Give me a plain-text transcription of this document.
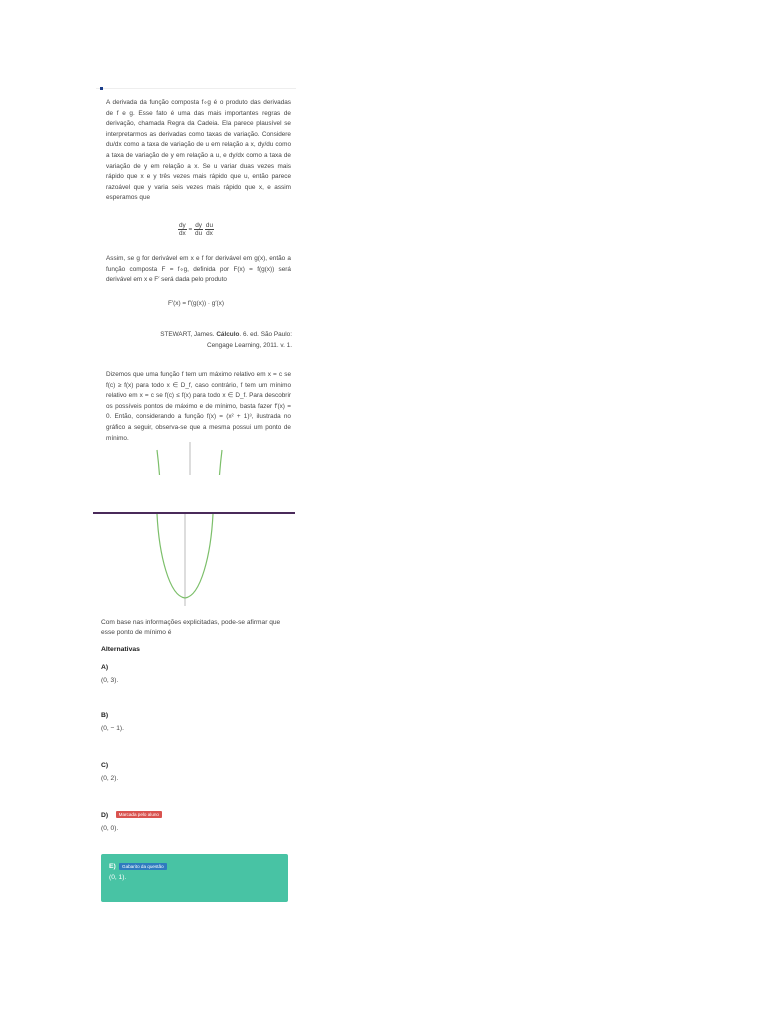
A derivada da função composta f∘g é o produto das derivadas de f e g. Esse fato é uma das mais importantes regras de derivação, chamada Regra da Cadeia. Ela parece plausível se interpretarmos as derivadas como taxas de variação. Considere du/dx como a taxa de variação de u em relação a x, dy/du como a taxa de variação de y em relação a u, e dy/dx como a taxa de variação de y em relação a x. Se u variar duas vezes mais rápido que x e y três vezes mais rápido que u, então parece razoável que y varia seis vezes mais rápido que x, e assim esperamos que

$\frac{dy}{dx} = \frac{dy}{du}$
$\frac{du}{dx}$

Assim, se g for derivável em x e f for derivável em g(x), então a função composta F = f∘g, definida por F(x) = f(g(x)) será derivável em x e F′ será dada pelo produto

F′(x) = f′(g(x)) · g′(x)
STEWART, James. Cálculo. 6. ed. São Paulo: Cengage Learning, 2011. v. 1.

Dizemos que uma função f tem um máximo relativo em x = c se f(c) ≥ f(x) para todo x ∈ D_f, caso contrário, f tem um mínimo relativo em x = c se f(c) ≤ f(x) para todo x ∈ D_f. Para descobrir os possíveis pontos de máximo e de mínimo, basta fazer f′(x) = 0. Então, considerando a função f(x) = (x² + 1)³, ilustrada no gráfico a seguir, observa-se que a mesma possui um ponto de mínimo.

Com base nas informações explicitadas, pode-se afirmar que esse ponto de mínimo é
Alternativas
A)
(0, 3).
B)
(0, − 1).
C)
(0, 2).
D) Marcada pelo aluno
(0, 0).
E)	Gabarito da questão
(0, 1).
